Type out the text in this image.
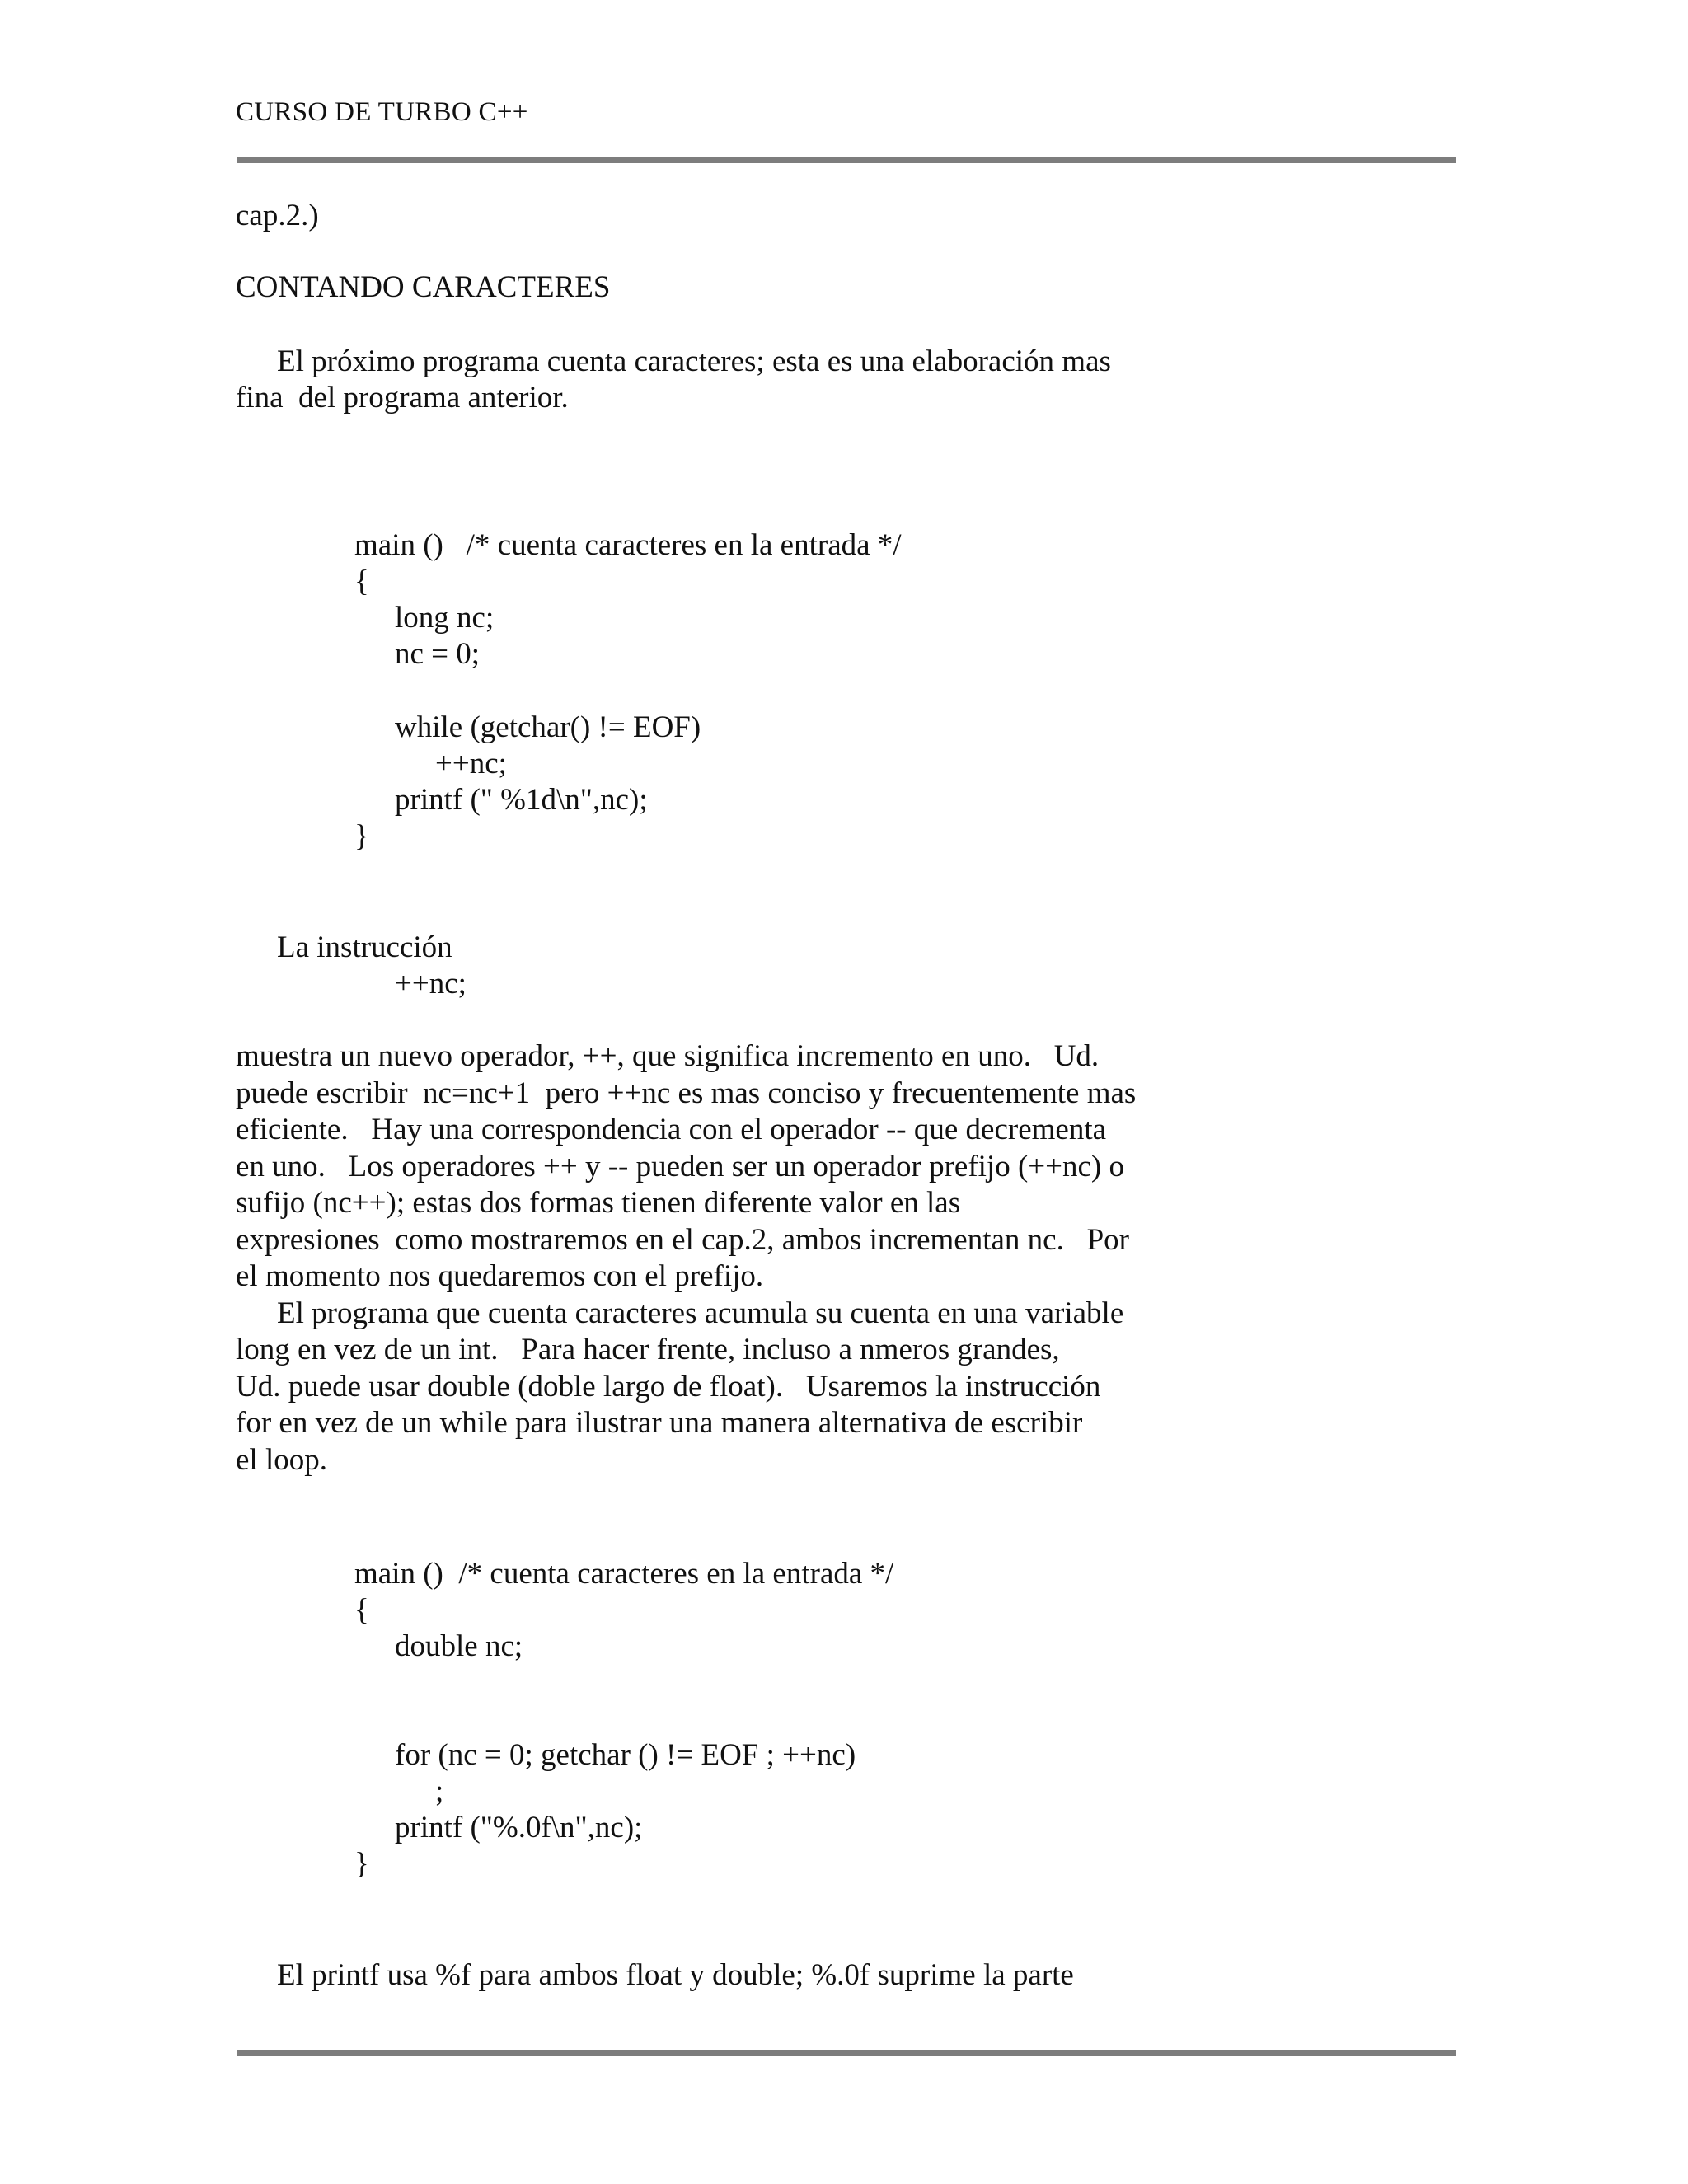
CURSO DE TURBO C++
cap.2.)
CONTANDO CARACTERES
El próximo programa cuenta caracteres; esta es una elaboración mas
fina  del programa anterior.
main ()   /* cuenta caracteres en la entrada */
{
long nc;
nc = 0;
while (getchar() != EOF)
++nc;
printf (" %1d\n",nc);
}
La instrucción
++nc;
muestra un nuevo operador, ++, que significa incremento en uno.   Ud.
puede escribir  nc=nc+1  pero ++nc es mas conciso y frecuentemente mas
eficiente.   Hay una correspondencia con el operador -- que decrementa
en uno.   Los operadores ++ y -- pueden ser un operador prefijo (++nc) o
sufijo (nc++); estas dos formas tienen diferente valor en las
expresiones  como mostraremos en el cap.2, ambos incrementan nc.   Por
el momento nos quedaremos con el prefijo.
El programa que cuenta caracteres acumula su cuenta en una variable
long en vez de un int.   Para hacer frente, incluso a nmeros grandes,
Ud. puede usar double (doble largo de float).   Usaremos la instrucción
for en vez de un while para ilustrar una manera alternativa de escribir
el loop.
main ()  /* cuenta caracteres en la entrada */
{
double nc;
for (nc = 0; getchar () != EOF ; ++nc)
;
printf ("%.0f\n",nc);
}
El printf usa %f para ambos float y double; %.0f suprime la parte
